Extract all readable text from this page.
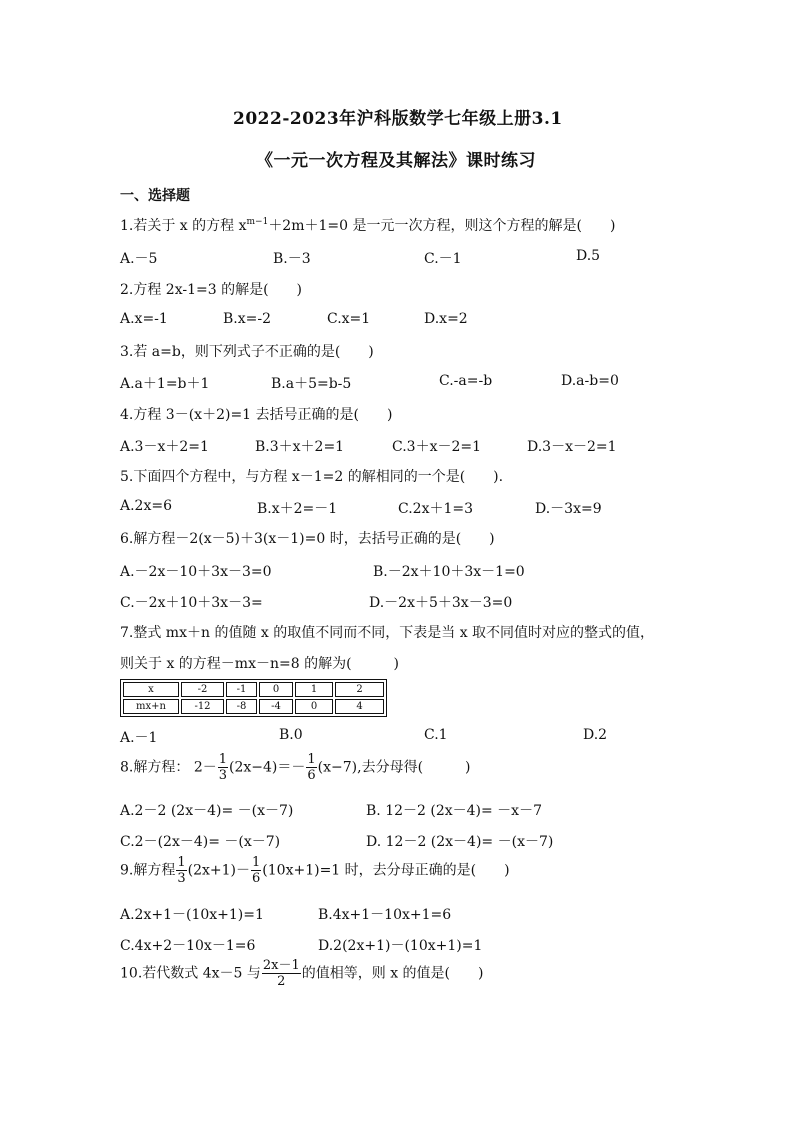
2022-2023年沪科版数学七年级上册3.1
《一元一次方程及其解法》课时练习
一、选择题
1.若关于 x 的方程 $x^{m-1}+2m+1=0$ 是一元一次方程，则这个方程的解是(　　)
A.－5	B.－3	C.－1	D.5
2.方程 2x-1=3 的解是(　　)
A.x=-1	B.x=-2	C.x=1	D.x=2
3.若 a=b，则下列式子不正确的是(　　)
A.a＋1=b＋1	B.a＋5=b-5	C.-a=-b	D.a-b=0
4.方程 3－(x＋2)=1 去括号正确的是(　　)
A.3－x＋2=1	B.3＋x＋2=1	C.3＋x－2=1	D.3－x－2=1
5.下面四个方程中，与方程 x－1=2 的解相同的一个是(　　).
A.2x=6	B.x＋2=－1	C.2x＋1=3	D.－3x=9
6.解方程－2(x－5)＋3(x－1)=0 时，去括号正确的是(　　)
A.－2x－10＋3x－3=0	B.－2x＋10＋3x－1=0
C.－2x＋10＋3x－3=	D.－2x＋5＋3x－3=0
7.整式 mx＋n 的值随 x 的取值不同而不同，下表是当 x 取不同值时对应的整式的值，
则关于 x 的方程－mx－n=8 的解为(　　　)
x	-2	-1	0	1	2
mx+n	-12	-8	-4	0	4
A.－1	B.0	C.1	D.2
8.解方程： $2- \frac{1}{3} (2x-4)=- \frac{1}{6} (x-7)$,去分母得(　　　)
A.2－2 (2x－4)= －(x－7)	B. 12－2 (2x－4)= －x－7
C.2－(2x－4)= －(x－7)	D. 12－2 (2x－4)= －(x－7)
9.解方程 $\frac{1}{3} (2x+1)- \frac{1}{6} (10x+1)=1$ 时，去分母正确的是(　　)
A.2x+1－(10x+1)=1	B.4x+1－10x+1=6
C.4x+2－10x－1=6	D.2(2x+1)－(10x+1)=1
10.若代数式 4x－5 与 $\frac{2x-1}{2}$ 的值相等，则 x 的值是(　　)
